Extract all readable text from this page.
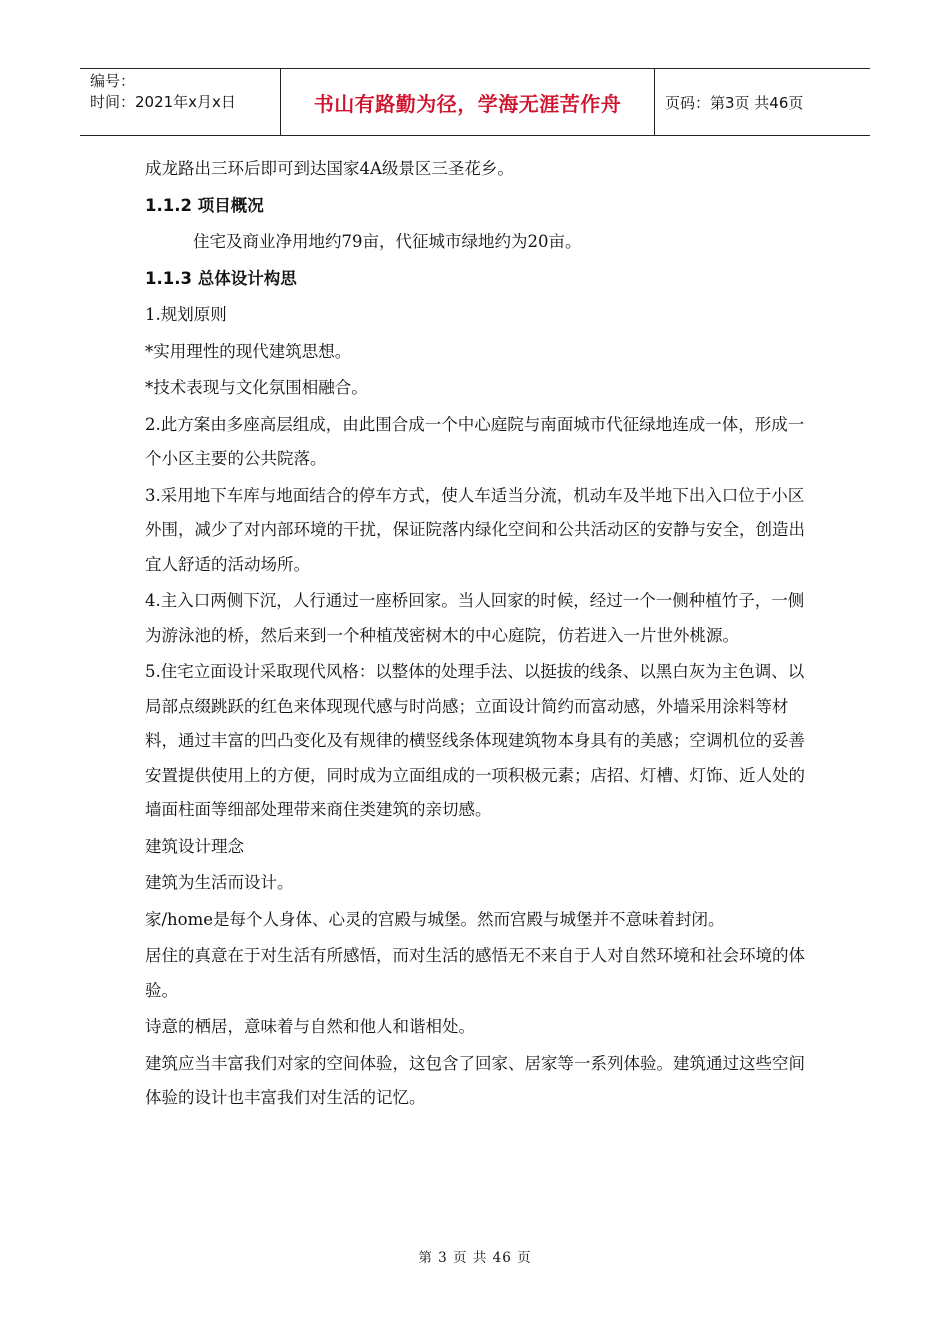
编号：
时间：2021年x月x日	书山有路勤为径，学海无涯苦作舟	页码：第3页 共46页

成龙路出三环后即可到达国家4A级景区三圣花乡。

1.1.2 项目概况

住宅及商业净用地约79亩，代征城市绿地约为20亩。

1.1.3 总体设计构思

1.规划原则

*实用理性的现代建筑思想。

*技术表现与文化氛围相融合。

2.此方案由多座高层组成，由此围合成一个中心庭院与南面城市代征绿地连成一体，形成一个小区主要的公共院落。

3.采用地下车库与地面结合的停车方式，使人车适当分流，机动车及半地下出入口位于小区外围，减少了对内部环境的干扰，保证院落内绿化空间和公共活动区的安静与安全，创造出宜人舒适的活动场所。

4.主入口两侧下沉，人行通过一座桥回家。当人回家的时候，经过一个一侧种植竹子，一侧为游泳池的桥，然后来到一个种植茂密树木的中心庭院，仿若进入一片世外桃源。

5.住宅立面设计采取现代风格：以整体的处理手法、以挺拔的线条、以黑白灰为主色调、以局部点缀跳跃的红色来体现现代感与时尚感；立面设计简约而富动感，外墙采用涂料等材料，通过丰富的凹凸变化及有规律的横竖线条体现建筑物本身具有的美感；空调机位的妥善安置提供使用上的方便，同时成为立面组成的一项积极元素；店招、灯槽、灯饰、近人处的墙面柱面等细部处理带来商住类建筑的亲切感。

建筑设计理念

建筑为生活而设计。

家/home是每个人身体、心灵的宫殿与城堡。然而宫殿与城堡并不意味着封闭。

居住的真意在于对生活有所感悟，而对生活的感悟无不来自于人对自然环境和社会环境的体验。

诗意的栖居，意味着与自然和他人和谐相处。

建筑应当丰富我们对家的空间体验，这包含了回家、居家等一系列体验。建筑通过这些空间体验的设计也丰富我们对生活的记忆。

第 3 页 共 46 页
